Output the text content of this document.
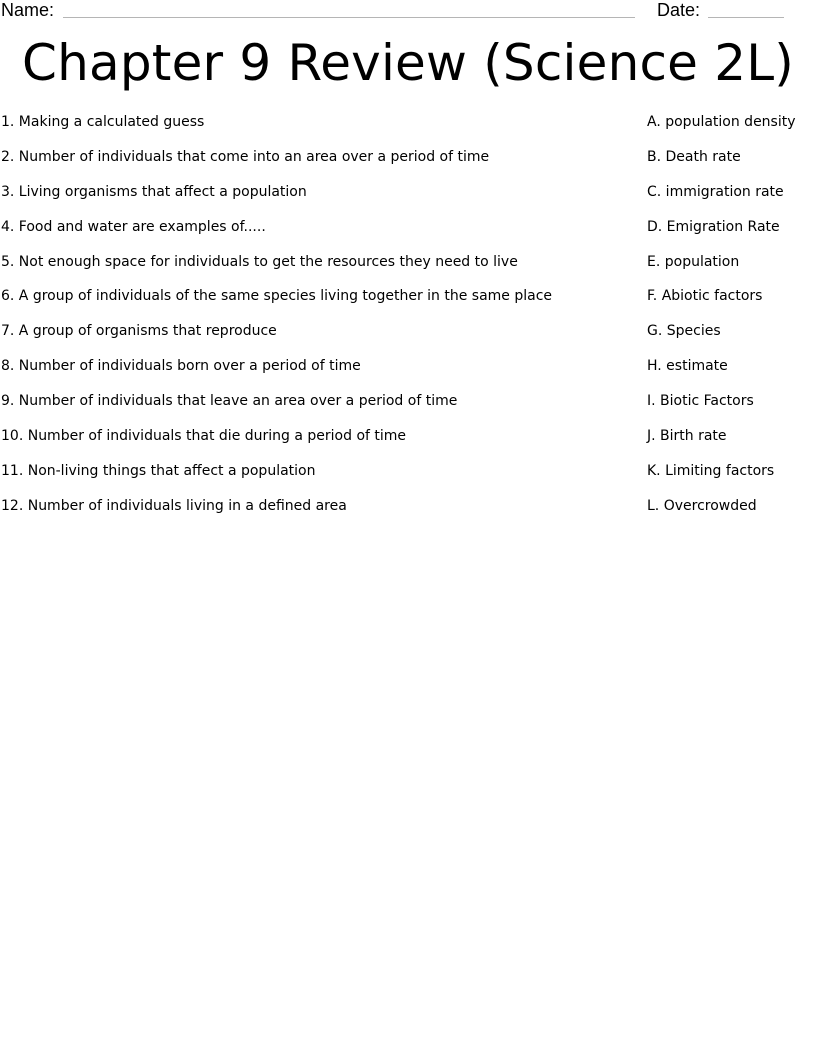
Name:	Date:
Chapter 9 Review (Science 2L)
1. Making a calculated guess	A. population density
2. Number of individuals that come into an area over a period of time	B. Death rate
3. Living organisms that affect a population	C. immigration rate
4. Food and water are examples of.....	D. Emigration Rate
5. Not enough space for individuals to get the resources they need to live	E. population
6. A group of individuals of the same species living together in the same place	F. Abiotic factors
7. A group of organisms that reproduce	G. Species
8. Number of individuals born over a period of time	H. estimate
9. Number of individuals that leave an area over a period of time	I. Biotic Factors
10. Number of individuals that die during a period of time	J. Birth rate
11. Non-living things that affect a population	K. Limiting factors
12. Number of individuals living in a defined area	L. Overcrowded
